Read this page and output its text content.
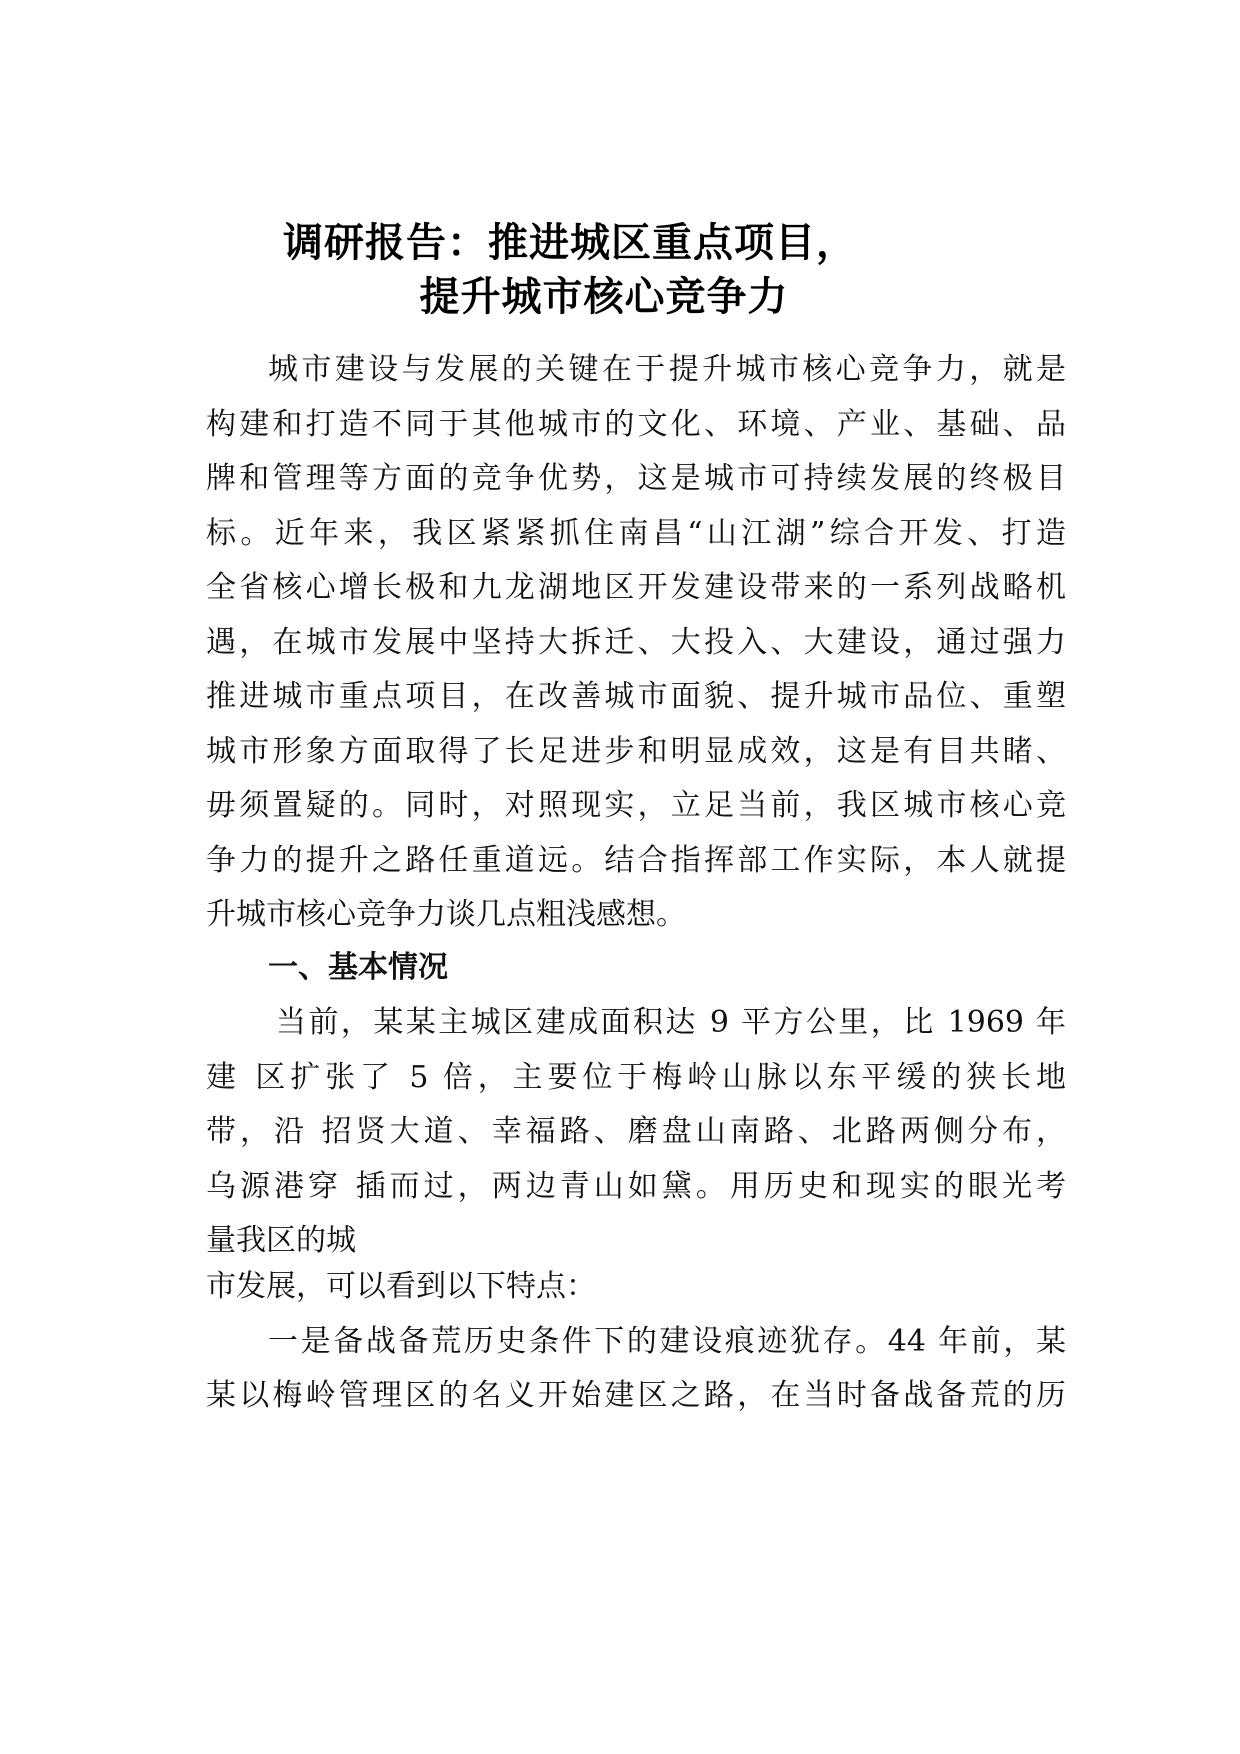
调研报告：推进城区重点项目，
提升城市核心竞争力
城市建设与发展的关键在于提升城市核心竞争力，就是
构建和打造不同于其他城市的文化、环境、产业、基础、品
牌和管理等方面的竞争优势，这是城市可持续发展的终极目
标。近年来，我区紧紧抓住南昌“山江湖”综合开发、打造
全省核心增长极和九龙湖地区开发建设带来的一系列战略机
遇，在城市发展中坚持大拆迁、大投入、大建设，通过强力
推进城市重点项目，在改善城市面貌、提升城市品位、重塑
城市形象方面取得了长足进步和明显成效，这是有目共睹、
毋须置疑的。同时，对照现实，立足当前，我区城市核心竞
争力的提升之路任重道远。结合指挥部工作实际，本人就提
升城市核心竞争力谈几点粗浅感想。
一、基本情况
当前，某某主城区建成面积达 9 平方公里，比 1969 年
建 区扩张了 5 倍，主要位于梅岭山脉以东平缓的狭长地
带，沿 招贤大道、幸福路、磨盘山南路、北路两侧分布，
乌源港穿 插而过，两边青山如黛。用历史和现实的眼光考
量我区的城
市发展，可以看到以下特点：
一是备战备荒历史条件下的建设痕迹犹存。44 年前，某
某以梅岭管理区的名义开始建区之路，在当时备战备荒的历
